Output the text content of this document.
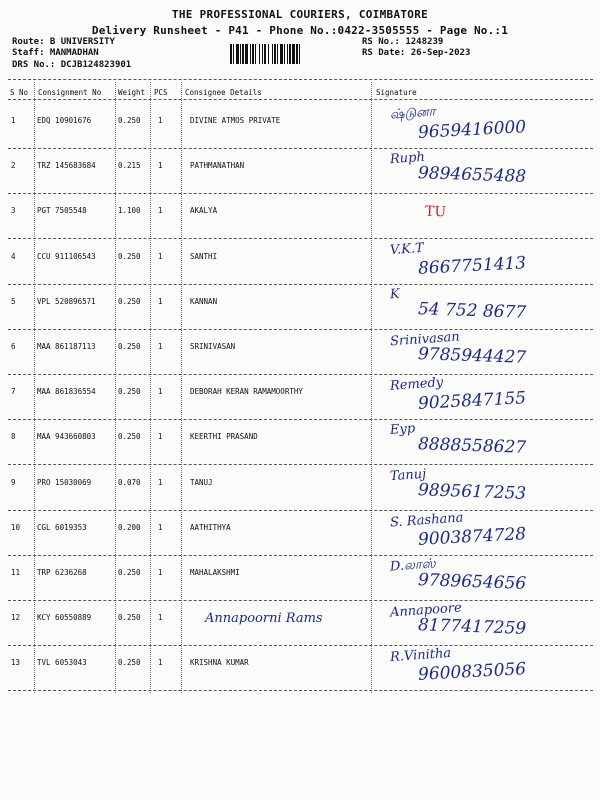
THE PROFESSIONAL COURIERS, COIMBATORE
Delivery Runsheet - P41 - Phone No.:0422-3505555 - Page No.:1
Route: B UNIVERSITY
Staff: MANMADHAN
DRS No.: DCJB124823901
RS No.: 1248239
RS Date: 26-Sep-2023
S No Consignment No Weight PCS Consignee Details	Signature
1	EDQ 10901676	0.250 1	DIVINE ATMOS PRIVATE	ஷ்டுனா
9659416000
2	TRZ 145683684	0.215 1	PATHMANATHAN	Ruph
9894655488
3	PGT 7505548	1.100 1	AKALYA	TU
4	CCU 911106543	0.250 1	SANTHI	V.K.T
8667751413
5	VPL 520896571	0.250 1	KANNAN	K
54 752 8677
6	MAA 861187113	0.250 1	SRINIVASAN	Srinivasan
9785944427
7	MAA 861836554	0.250 1	DEBORAH KERAN RAMAMOORTHY	Remedy
9025847155
8	MAA 943660803	0.250 1	KEERTHI PRASAND	Eyp
8888558627
9	PRO 15030069	0.070 1	TANUJ	Tanuj
9895617253
10 CGL 6019353	0.200 1	AATHITHYA	S. Rashana
9003874728
11 TRP 6236268	0.250 1	MAHALAKSHMI	D.லாஸ்
9789654656
12 KCY 60550889	0.250 1	Annapoorni Rams	Annapoore
8177417259
13 TVL 6053043	0.250 1	KRISHNA KUMAR	R.Vinitha
9600835056
